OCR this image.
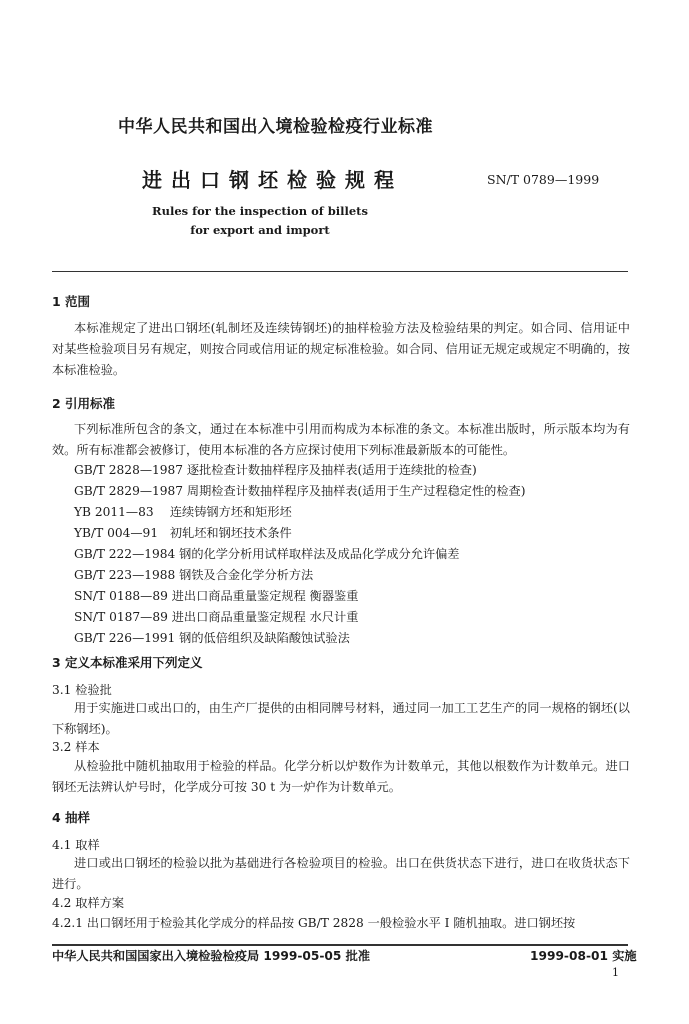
中华人民共和国出入境检验检疫行业标准
进出口钢坯检验规程	SN/T 0789—1999
Rules for the inspection of billets
for export and import
1 范围
本标准规定了进出口钢坯(轧制坯及连续铸钢坯)的抽样检验方法及检验结果的判定。如合同、信用证中对某些检验项目另有规定，则按合同或信用证的规定标准检验。如合同、信用证无规定或规定不明确的，按本标准检验。
2 引用标准
下列标准所包含的条文，通过在本标准中引用而构成为本标准的条文。本标准出版时，所示版本均为有效。所有标准都会被修订，使用本标准的各方应探讨使用下列标准最新版本的可能性。
GB/T 2828—1987 逐批检查计数抽样程序及抽样表(适用于连续批的检查)
GB/T 2829—1987 周期检查计数抽样程序及抽样表(适用于生产过程稳定性的检查)
YB 2011—83 连续铸钢方坯和矩形坯
YB/T 004—91 初轧坯和钢坯技术条件
GB/T 222—1984 钢的化学分析用试样取样法及成品化学成分允许偏差
GB/T 223—1988 钢铁及合金化学分析方法
SN/T 0188—89 进出口商品重量鉴定规程 衡器鉴重
SN/T 0187—89 进出口商品重量鉴定规程 水尺计重
GB/T 226—1991 钢的低倍组织及缺陷酸蚀试验法
3 定义本标准采用下列定义
3.1 检验批
用于实施进口或出口的，由生产厂提供的由相同牌号材料，通过同一加工工艺生产的同一规格的钢坯(以下称钢坯)。
3.2 样本
从检验批中随机抽取用于检验的样品。化学分析以炉数作为计数单元，其他以根数作为计数单元。进口钢坯无法辨认炉号时，化学成分可按 30 t 为一炉作为计数单元。
4 抽样
4.1 取样
进口或出口钢坯的检验以批为基础进行各检验项目的检验。出口在供货状态下进行，进口在收货状态下进行。
4.2 取样方案
4.2.1 出口钢坯用于检验其化学成分的样品按 GB/T 2828 一般检验水平 I 随机抽取。进口钢坯按
中华人民共和国国家出入境检验检疫局 1999-05-05 批准	1999-08-01 实施
1
